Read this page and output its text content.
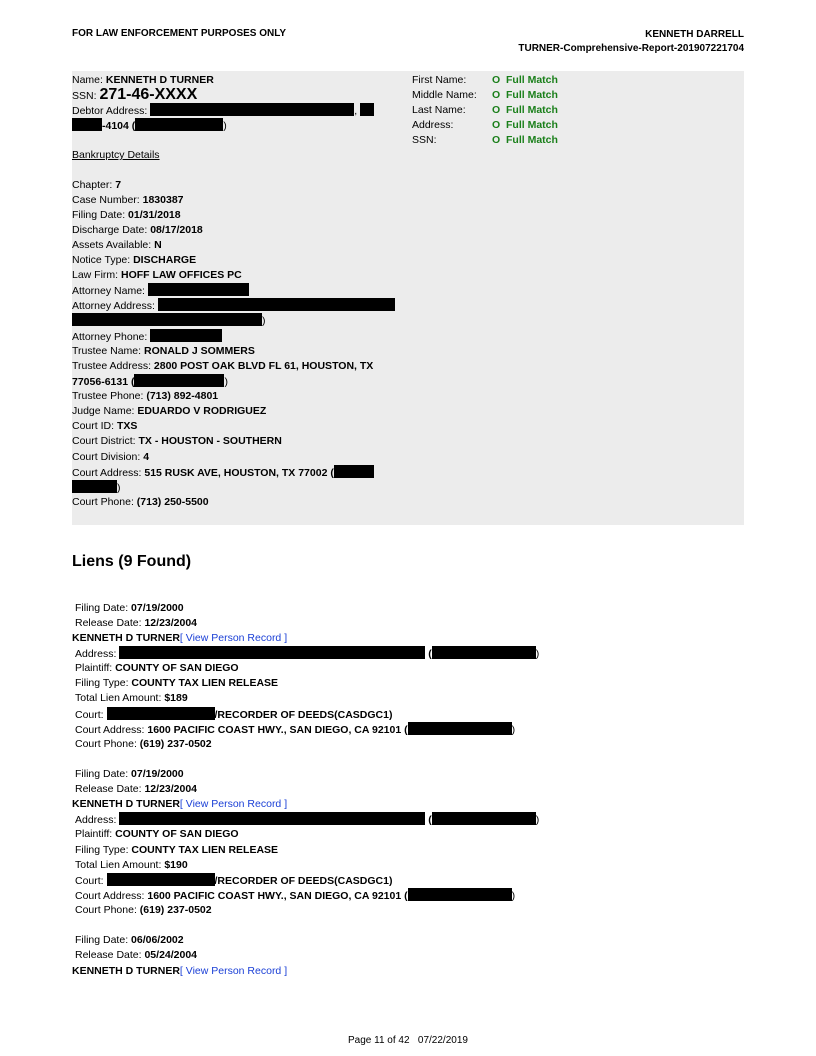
FOR LAW ENFORCEMENT PURPOSES ONLY	KENNETH DARRELL
TURNER-Comprehensive-Report-201907221704
Name: KENNETH D TURNER
SSN: 271-46-XXXX
Debtor Address:	,
-4104 (	)
First Name: O Full Match
Middle Name: O Full Match
Last Name:	O Full Match
Address:	O Full Match
SSN:	O Full Match
Bankruptcy Details
Chapter: 7
Case Number: 1830387
Filing Date: 01/31/2018
Discharge Date: 08/17/2018
Assets Available: N
Notice Type: DISCHARGE
Law Firm: HOFF LAW OFFICES PC
Attorney Name:
Attorney Address:
)
Attorney Phone:
Trustee Name: RONALD J SOMMERS
Trustee Address: 2800 POST OAK BLVD FL 61, HOUSTON, TX
77056-6131 (	)
Trustee Phone: (713) 892-4801
Judge Name: EDUARDO V RODRIGUEZ
Court ID: TXS
Court District: TX - HOUSTON - SOUTHERN
Court Division: 4
Court Address: 515 RUSK AVE, HOUSTON, TX 77002 (
)
Court Phone: (713) 250-5500
Liens (9 Found)
Filing Date: 07/19/2000
Release Date: 12/23/2004
KENNETH D TURNER[ View Person Record ]
Address:	(	)
Plaintiff: COUNTY OF SAN DIEGO
Filing Type: COUNTY TAX LIEN RELEASE
Total Lien Amount: $189
Court:	/RECORDER OF DEEDS(CASDGC1)
Court Address: 1600 PACIFIC COAST HWY., SAN DIEGO, CA 92101 (	)
Court Phone: (619) 237-0502
Filing Date: 07/19/2000
Release Date: 12/23/2004
KENNETH D TURNER[ View Person Record ]
Address:	(	)
Plaintiff: COUNTY OF SAN DIEGO
Filing Type: COUNTY TAX LIEN RELEASE
Total Lien Amount: $190
Court:	/RECORDER OF DEEDS(CASDGC1)
Court Address: 1600 PACIFIC COAST HWY., SAN DIEGO, CA 92101 (	)
Court Phone: (619) 237-0502
Filing Date: 06/06/2002
Release Date: 05/24/2004
KENNETH D TURNER[ View Person Record ]
Page 11 of 42 07/22/2019
